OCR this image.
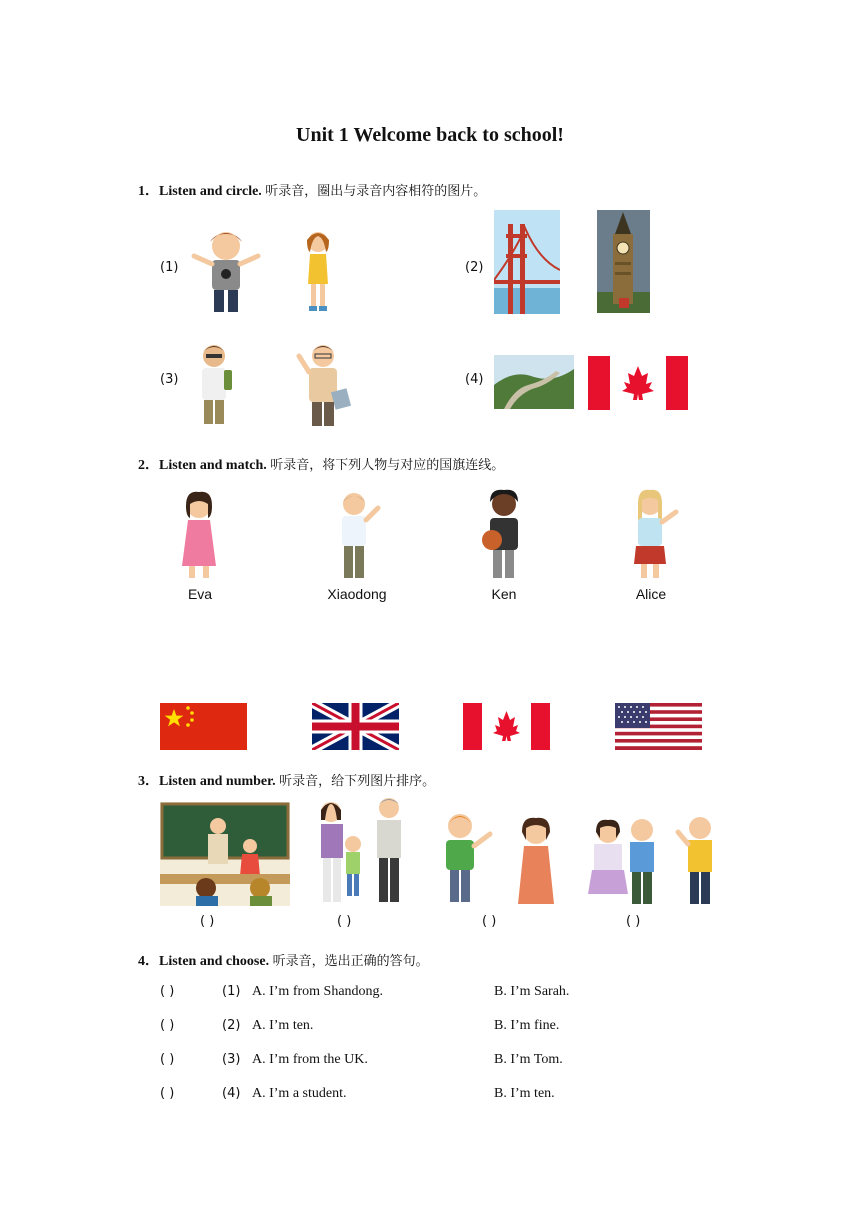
Unit 1 Welcome back to school!
1．Listen and circle. 听录音，圈出与录音内容相符的图片。
(1)	(2)
(3)	(4)
2．Listen and match. 听录音，将下列人物与对应的国旗连线。
Eva	Xiaodong	Ken	Alice
3．Listen and number. 听录音，给下列图片排序。
( )	( )	( )	( )
4．Listen and choose. 听录音，选出正确的答句。
( )	(1) A. I’m from Shandong.	B. I’m Sarah.
( )	(2) A. I’m ten.	B. I’m fine.
( )	(3) A. I’m from the UK.	B. I’m Tom.
( )	(4) A. I’m a student.	B. I’m ten.
